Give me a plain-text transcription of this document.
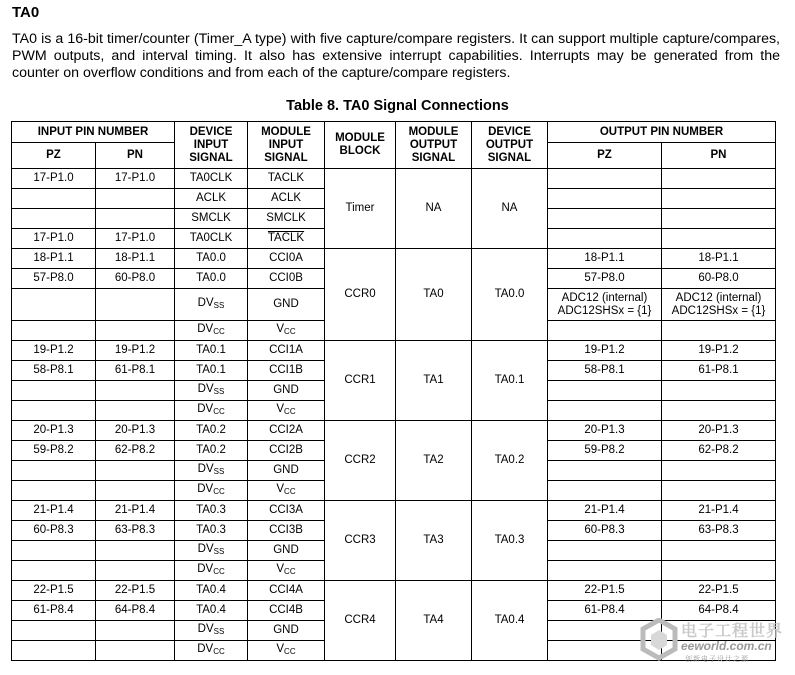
TA0
TA0 is a 16-bit timer/counter (Timer_A type) with five capture/compare registers. It can support multiple capture/compares, PWM outputs, and interval timing. It also has extensive interrupt capabilities. Interrupts may be generated from the counter on overflow conditions and from each of the capture/compare registers.
Table 8. TA0 Signal Connections
INPUT PIN NUMBER		DEVICE INPUT SIGNAL	MODULE INPUT SIGNAL	MODULE BLOCK	MODULE OUTPUT SIGNAL	DEVICE OUTPUT SIGNAL	OUTPUT PIN NUMBER	
PZ	PN						PZ	PN
17-P1.0	17-P1.0	TA0CLK	TACLK	Timer	NA	NA		
		ACLK	ACLK					
		SMCLK	SMCLK					
17-P1.0	17-P1.0	TA0CLK	TACLK					
18-P1.1	18-P1.1	TA0.0	CCI0A	CCR0	TA0	TA0.0	18-P1.1	18-P1.1
57-P8.0	60-P8.0	TA0.0	CCI0B				57-P8.0	60-P8.0
		$DV_{SS}$	GND				ADC12 (internal) ADC12SHSx = {1}	ADC12 (internal) ADC12SHSx = {1}
		$DV_{CC}$	$V_{CC}$		
19-P1.2	19-P1.2	TA0.1	CCI1A	CCR1	TA1	TA0.1	19-P1.2	19-P1.2
58-P8.1	61-P8.1	TA0.1	CCI1B				58-P8.1	61-P8.1
		$DV_{SS}$	GND					
		$DV_{CC}$	$V_{CC}$		
20-P1.3	20-P1.3	TA0.2	CCI2A	CCR2	TA2	TA0.2	20-P1.3	20-P1.3
59-P8.2	62-P8.2	TA0.2	CCI2B				59-P8.2	62-P8.2
		$DV_{SS}$	GND					
		$DV_{CC}$	$V_{CC}$		
21-P1.4	21-P1.4	TA0.3	CCI3A	CCR3	TA3	TA0.3	21-P1.4	21-P1.4
60-P8.3	63-P8.3	TA0.3	CCI3B				60-P8.3	63-P8.3
		$DV_{SS}$	GND					
		$DV_{CC}$	$V_{CC}$		
22-P1.5	22-P1.5	TA0.4	CCI4A	CCR4	TA4	TA0.4	22-P1.5	22-P1.5
61-P8.4	64-P8.4	TA0.4	CCI4B				61-P8.4	64-P8.4
		$DV_{SS}$	GND					
		$DV_{CC}$	$V_{CC}$		
电子工程世界
eeworld.com.cn
创新电子设计之源
